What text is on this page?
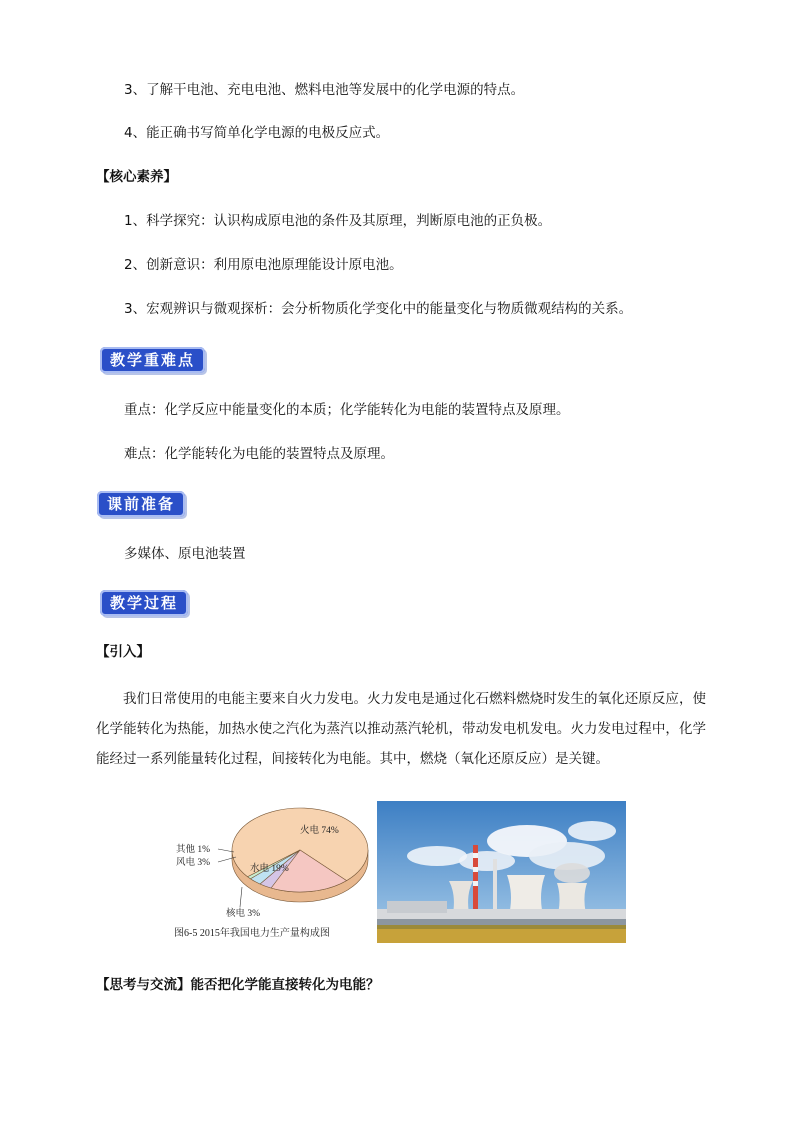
3、了解干电池、充电电池、燃料电池等发展中的化学电源的特点。
4、能正确书写简单化学电源的电极反应式。
【核心素养】
1、科学探究：认识构成原电池的条件及其原理，判断原电池的正负极。
2、创新意识：利用原电池原理能设计原电池。
3、宏观辨识与微观探析：会分析物质化学变化中的能量变化与物质微观结构的关系。
教学重难点
重点：化学反应中能量变化的本质；化学能转化为电能的装置特点及原理。
难点：化学能转化为电能的装置特点及原理。
课前准备
多媒体、原电池装置
教学过程
【引入】
我们日常使用的电能主要来自火力发电。火力发电是通过化石燃料燃烧时发生的氧化还原反应，使化学能转化为热能，加热水使之汽化为蒸汽以推动蒸汽轮机，带动发电机发电。火力发电过程中，化学能经过一系列能量转化过程，间接转化为电能。其中，燃烧（氧化还原反应）是关键。
火电 74%
水电 19%
核电 3%
风电 3%
其他 1%
图6-5 2015年我国电力生产量构成图
【思考与交流】能否把化学能直接转化为电能？
